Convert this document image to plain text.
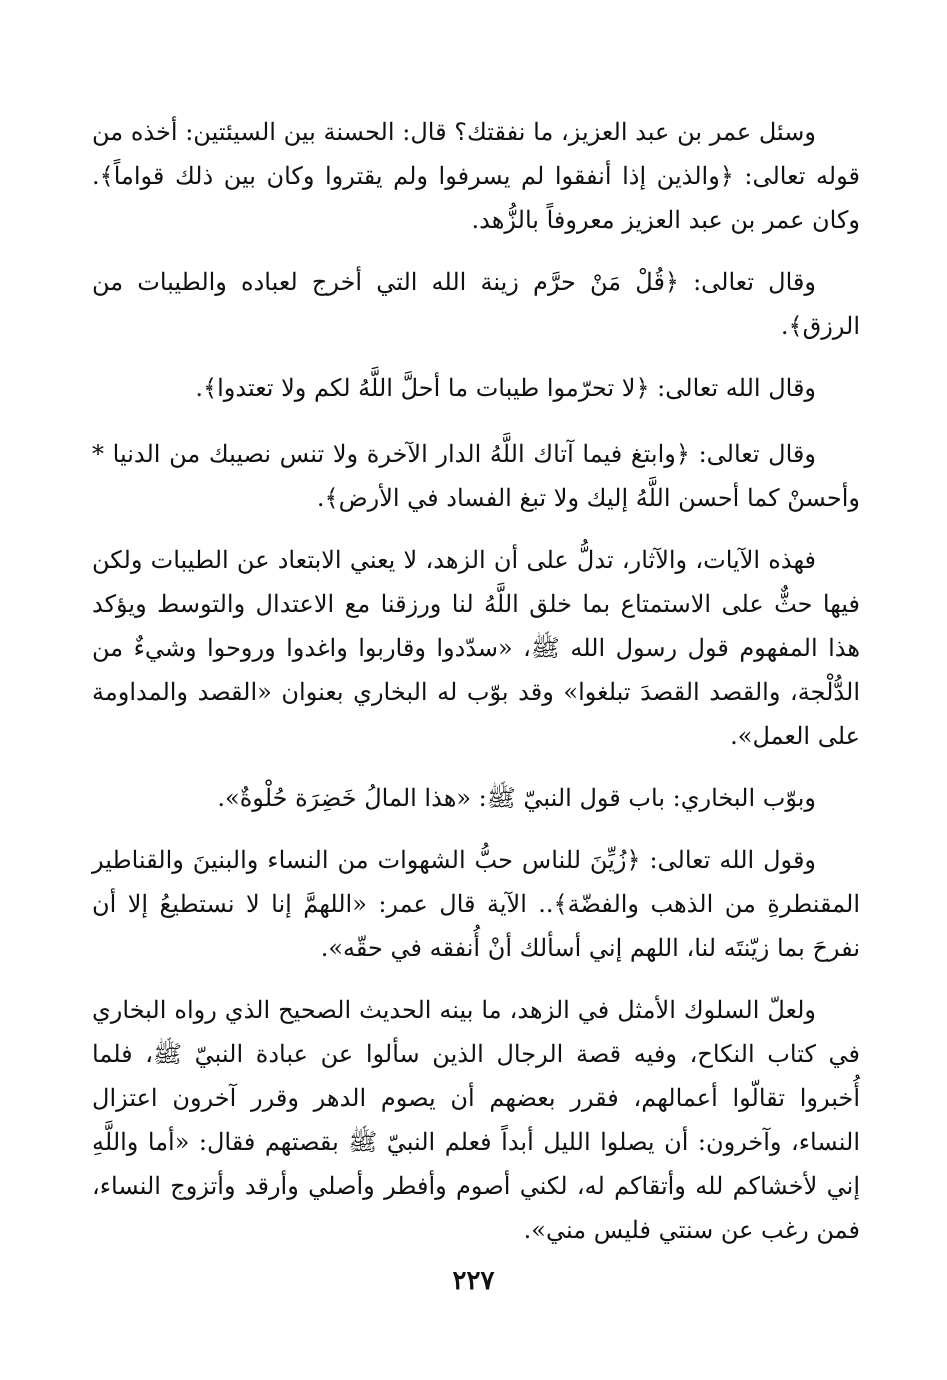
وسئل عمر بن عبد العزيز، ما نفقتك؟ قال: الحسنة بين السيئتين: أخذه من قوله تعالى: ﴿والذين إذا أنفقوا لم يسرفوا ولم يقتروا وكان بين ذلك قواماً﴾. وكان عمر بن عبد العزيز معروفاً بالزُّهد.

وقال تعالى: ﴿قُلْ مَنْ حرَّم زينة الله التي أخرج لعباده والطيبات من الرزق﴾.

وقال الله تعالى: ﴿لا تحرّموا طيبات ما أحلَّ اللَّهُ لكم ولا تعتدوا﴾.

وقال تعالى: ﴿وابتغ فيما آتاك اللَّهُ الدار الآخرة ولا تنس نصيبك من الدنيا * وأحسنْ كما أحسن اللَّهُ إليك ولا تبغ الفساد في الأرض﴾.

فهذه الآيات، والآثار، تدلُّ على أن الزهد، لا يعني الابتعاد عن الطيبات ولكن فيها حثٌّ على الاستمتاع بما خلق اللَّهُ لنا ورزقنا مع الاعتدال والتوسط ويؤكد هذا المفهوم قول رسول الله ﷺ، «سدّدوا وقاربوا واغدوا وروحوا وشيءٌ من الدُّلْجة، والقصد القصدَ تبلغوا» وقد بوّب له البخاري بعنوان «القصد والمداومة على العمل».

وبوّب البخاري: باب قول النبيّ ﷺ: «هذا المالُ خَضِرَة حُلْوةٌ».

وقول الله تعالى: ﴿زُيِّنَ للناس حبُّ الشهوات من النساء والبنينَ والقناطير المقنطرةِ من الذهب والفضّة﴾.. الآية قال عمر: «اللهمَّ إنا لا نستطيعُ إلا أن نفرحَ بما زيّنتَه لنا، اللهم إني أسألك أنْ أُنفقه في حقّه».

ولعلّ السلوك الأمثل في الزهد، ما بينه الحديث الصحيح الذي رواه البخاري في كتاب النكاح، وفيه قصة الرجال الذين سألوا عن عبادة النبيّ ﷺ، فلما أُخبروا تقالّوا أعمالهم، فقرر بعضهم أن يصوم الدهر وقرر آخرون اعتزال النساء، وآخرون: أن يصلوا الليل أبداً فعلم النبيّ ﷺ بقصتهم فقال: «أما واللَّهِ إني لأخشاكم لله وأتقاكم له، لكني أصوم وأفطر وأصلي وأرقد وأتزوج النساء، فمن رغب عن سنتي فليس مني».

٢٢٧
